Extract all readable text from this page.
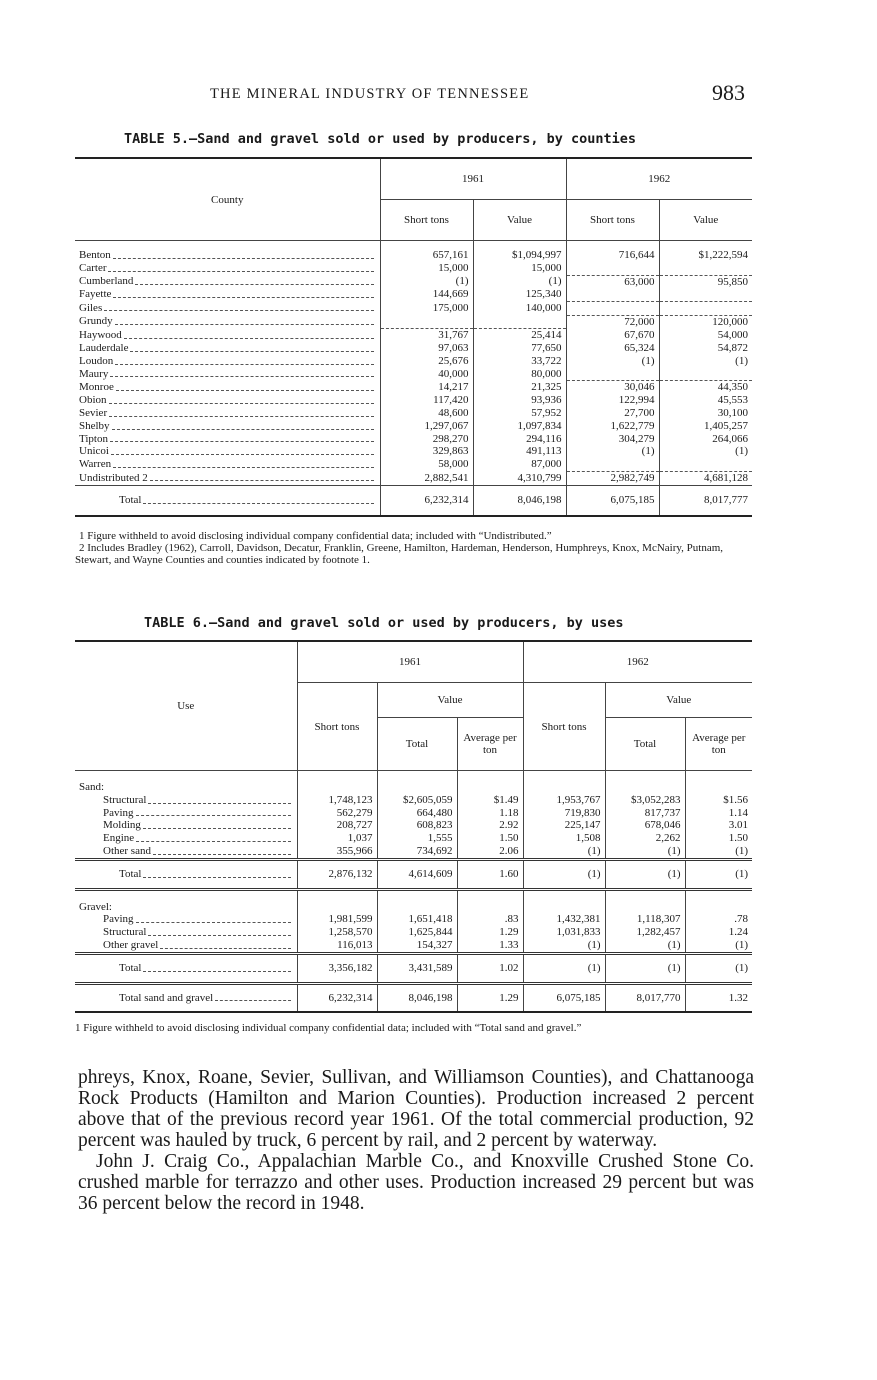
THE MINERAL INDUSTRY OF TENNESSEE	983
TABLE 5.—Sand and gravel sold or used by producers, by counties
County	1961		1962	
	Short tons	Value	Short tons	Value

Benton	657,161	$1,094,997	716,644	$1,222,594

Carter	15,000	15,000		

Cumberland	(1)	(1)	63,000	95,850

Fayette	144,669	125,340		

Giles	175,000	140,000		

Grundy			72,000	120,000

Haywood	31,767	25,414	67,670	54,000

Lauderdale	97,063	77,650	65,324	54,872

Loudon	25,676	33,722	(1)	(1)

Maury	40,000	80,000		

Monroe	14,217	21,325	30,046	44,350

Obion	117,420	93,936	122,994	45,553

Sevier	48,600	57,952	27,700	30,100

Shelby	1,297,067	1,097,834	1,622,779	1,405,257

Tipton	298,270	294,116	304,279	264,066

Unicoi	329,863	491,113	(1)	(1)

Warren	58,000	87,000		

Undistributed 2	2,882,541	4,310,799	2,982,749	4,681,128

Total	6,232,314	8,046,198	6,075,185	8,017,777
1 Figure withheld to avoid disclosing individual company confidential data; included with “Undistributed.”
2 Includes Bradley (1962), Carroll, Davidson, Decatur, Franklin, Greene, Hamilton, Hardeman, Henderson, Humphreys, Knox, McNairy, Putnam, Stewart, and Wayne Counties and counties indicated by footnote 1.
TABLE 6.—Sand and gravel sold or used by producers, by uses
Use	1961			1962		
	Short tons	Value		Short tons	Value	
		Total	Average per ton		Total	Average per ton
Sand:						

Structural	1,748,123	$2,605,059	$1.49	1,953,767	$3,052,283	$1.56

Paving	562,279	664,480	1.18	719,830	817,737	1.14

Molding	208,727	608,823	2.92	225,147	678,046	3.01

Engine	1,037	1,555	1.50	1,508	2,262	1.50

Other sand	355,966	734,692	2.06	(1)	(1)	(1)

Total	2,876,132	4,614,609	1.60	(1)	(1)	(1)
Gravel:						

Paving	1,981,599	1,651,418	.83	1,432,381	1,118,307	.78

Structural	1,258,570	1,625,844	1.29	1,031,833	1,282,457	1.24

Other gravel	116,013	154,327	1.33	(1)	(1)	(1)

Total	3,356,182	3,431,589	1.02	(1)	(1)	(1)

Total sand and gravel	6,232,314	8,046,198	1.29	6,075,185	8,017,770	1.32
1 Figure withheld to avoid disclosing individual company confidential data; included with “Total sand and gravel.”

phreys, Knox, Roane, Sevier, Sullivan, and Williamson Counties), and Chattanooga Rock Products (Hamilton and Marion Counties). Production increased 2 percent above that of the previous record year 1961. Of the total commercial production, 92 percent was hauled by truck, 6 percent by rail, and 2 percent by waterway.

John J. Craig Co., Appalachian Marble Co., and Knoxville Crushed Stone Co. crushed marble for terrazzo and other uses. Production increased 29 percent but was 36 percent below the record in 1948.
